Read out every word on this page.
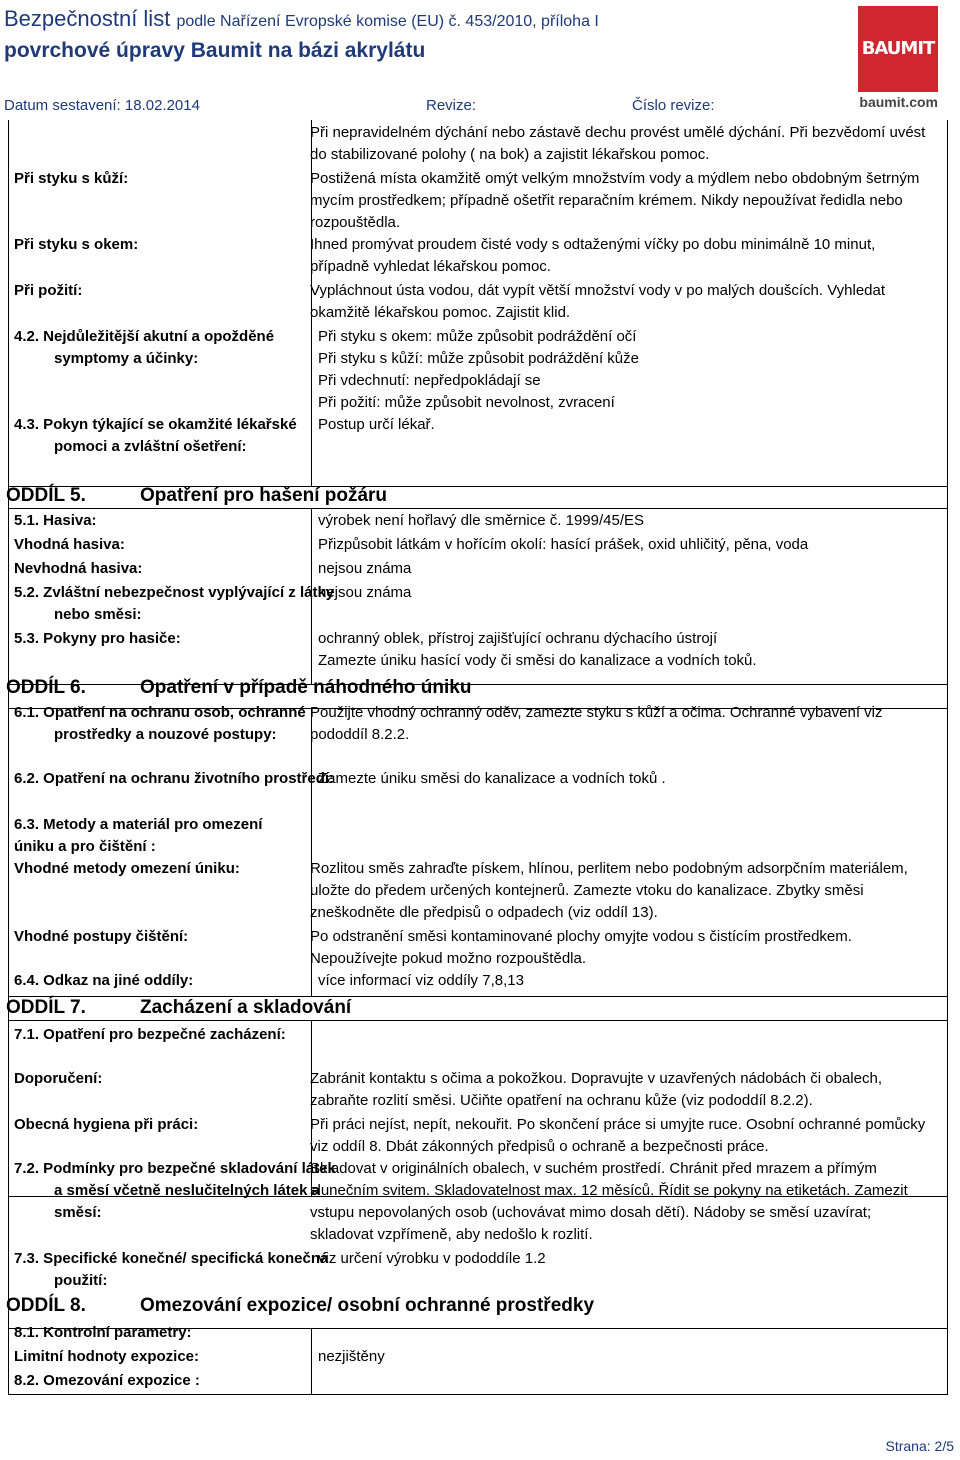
Bezpečnostní list podle Nařízení Evropské komise (EU) č. 453/2010, příloha I
povrchové úpravy Baumit na bázi akrylátu
Datum sestavení: 18.02.2014	Revize:	Číslo revize:
BAUMIT
baumit.com
Při nepravidelném dýchání nebo zástavě dechu provést umělé dýchání. Při bezvědomí uvést do stabilizované polohy ( na bok) a zajistit lékařskou pomoc.
Při styku s kůží:	Postižená místa okamžitě omýt velkým množstvím vody a mýdlem nebo obdobným šetrným mycím prostředkem; případně ošetřit reparačním krémem. Nikdy nepoužívat ředidla nebo rozpouštědla.
Při styku s okem:	Ihned promývat proudem čisté vody s odtaženými víčky po dobu minimálně 10 minut, případně vyhledat lékařskou pomoc.
Při požití:	Vypláchnout ústa vodou, dát vypít větší množství vody v po malých doušcích. Vyhledat okamžitě lékařskou pomoc. Zajistit klid.
4.2. Nejdůležitější akutní a opožděné symptomy a účinky:
Při styku s okem: může způsobit podráždění očí
Při styku s kůží: může způsobit podráždění kůže
Při vdechnutí: nepředpokládají se
Při požití: může způsobit nevolnost, zvracení
4.3. Pokyn týkající se okamžité lékařské pomoci a zvláštní ošetření:
Postup určí lékař.
ODDÍL 5.	Opatření pro hašení požáru
5.1. Hasiva:	výrobek není hořlavý dle směrnice č. 1999/45/ES
Vhodná hasiva:	Přizpůsobit látkám v hořícím okolí: hasící prášek, oxid uhličitý, pěna, voda
Nevhodná hasiva:	nejsou známa
5.2. Zvláštní nebezpečnost vyplývající z látky nebo směsi:
nejsou známa
5.3. Pokyny pro hasiče:	ochranný oblek, přístroj zajišťující ochranu dýchacího ústrojí
Zamezte úniku hasící vody či směsi do kanalizace a vodních toků.
ODDÍL 6.	Opatření v případě náhodného úniku
6.1. Opatření na ochranu osob, ochranné prostředky a nouzové postupy:
Použijte vhodný ochranný oděv, zamezte styku s kůží a očima. Ochranné vybavení viz pododdíl 8.2.2.
6.2. Opatření na ochranu životního prostředí:
Zamezte úniku směsi do kanalizace a vodních toků .
6.3. Metody a materiál pro omezení úniku a pro čištění :
Vhodné metody omezení úniku:	Rozlitou směs zahraďte pískem, hlínou, perlitem nebo podobným adsorpčním materiálem, uložte do předem určených kontejnerů. Zamezte vtoku do kanalizace. Zbytky směsi zneškodněte dle předpisů o odpadech (viz oddíl 13).
Vhodné postupy čištění:	Po odstranění směsi kontaminované plochy omyjte vodou s čistícím prostředkem. Nepoužívejte pokud možno rozpouštědla.
6.4. Odkaz na jiné oddíly:	více informací viz oddíly 7,8,13
ODDÍL 7.	Zacházení a skladování
7.1. Opatření pro bezpečné zacházení:
Doporučení:	Zabránit kontaktu s očima a pokožkou. Dopravujte v uzavřených nádobách či obalech, zabraňte rozlití směsi. Učiňte opatření na ochranu kůže (viz pododdíl 8.2.2).
Obecná hygiena při práci:	Při práci nejíst, nepít, nekouřit. Po skončení práce si umyjte ruce. Osobní ochranné pomůcky viz oddíl 8. Dbát zákonných předpisů o ochraně a bezpečnosti práce.
7.2. Podmínky pro bezpečné skladování látek a směsí včetně neslučitelných látek a směsí:
Skladovat v originálních obalech, v suchém prostředí. Chránit před mrazem a přímým slunečním svitem. Skladovatelnost max. 12 měsíců. Řídit se pokyny na etiketách. Zamezit vstupu nepovolaných osob (uchovávat mimo dosah dětí). Nádoby se směsí uzavírat; skladovat vzpřímeně, aby nedošlo k rozlití.
7.3. Specifické konečné/ specifická konečná použití:
viz určení výrobku v pododdíle 1.2
ODDÍL 8.	Omezování expozice/ osobní ochranné prostředky
8.1. Kontrolní parametry:
Limitní hodnoty expozice:	nezjištěny
8.2. Omezování expozice :
Strana: 2/5
